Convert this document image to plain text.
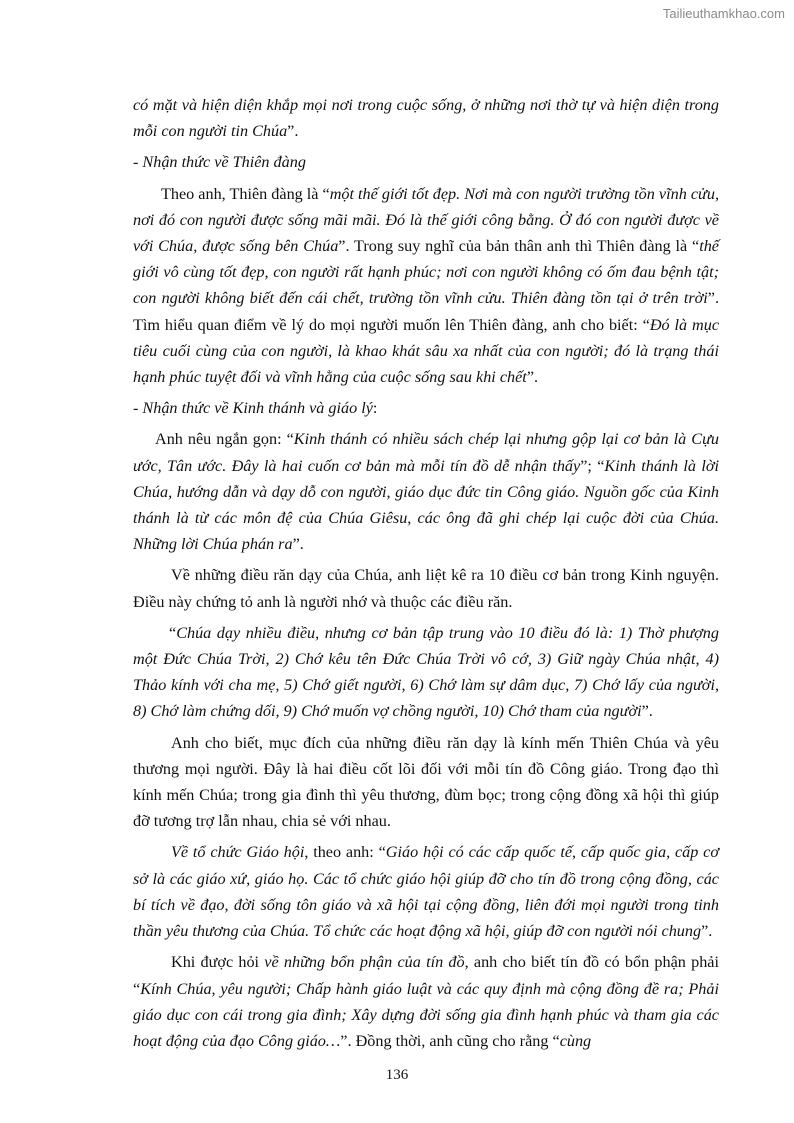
Tailieuthamkhao.com

có mặt và hiện diện khắp mọi nơi trong cuộc sống, ở những nơi thờ tự và hiện diện trong mỗi con người tin Chúa”.

- Nhận thức về Thiên đàng

Theo anh, Thiên đàng là “một thế giới tốt đẹp. Nơi mà con người trường tồn vĩnh cửu, nơi đó con người được sống mãi mãi. Đó là thế giới công bằng. Ở đó con người được về với Chúa, được sống bên Chúa”. Trong suy nghĩ của bản thân anh thì Thiên đàng là “thế giới vô cùng tốt đẹp, con người rất hạnh phúc; nơi con người không có ốm đau bệnh tật; con người không biết đến cái chết, trường tồn vĩnh cửu. Thiên đàng tồn tại ở trên trời”. Tìm hiểu quan điểm về lý do mọi người muốn lên Thiên đàng, anh cho biết: “Đó là mục tiêu cuối cùng của con người, là khao khát sâu xa nhất của con người; đó là trạng thái hạnh phúc tuyệt đối và vĩnh hằng của cuộc sống sau khi chết”.

- Nhận thức về Kinh thánh và giáo lý:

Anh nêu ngắn gọn: “Kinh thánh có nhiều sách chép lại nhưng gộp lại cơ bản là Cựu ước, Tân ước. Đây là hai cuốn cơ bản mà mỗi tín đồ dễ nhận thấy”; “Kinh thánh là lời Chúa, hướng dẫn và dạy dỗ con người, giáo dục đức tin Công giáo. Nguồn gốc của Kinh thánh là từ các môn đệ của Chúa Giêsu, các ông đã ghi chép lại cuộc đời của Chúa. Những lời Chúa phán ra”.

Về những điều răn dạy của Chúa, anh liệt kê ra 10 điều cơ bản trong Kinh nguyện. Điều này chứng tỏ anh là người nhớ và thuộc các điều răn.

“Chúa dạy nhiều điều, nhưng cơ bản tập trung vào 10 điều đó là: 1) Thờ phượng một Đức Chúa Trời, 2) Chớ kêu tên Đức Chúa Trời vô cớ, 3) Giữ ngày Chúa nhật, 4) Thảo kính với cha mẹ, 5) Chớ giết người, 6) Chớ làm sự dâm dục, 7) Chớ lấy của người, 8) Chớ làm chứng dối, 9) Chớ muốn vợ chồng người, 10) Chớ tham của người”.

Anh cho biết, mục đích của những điều răn dạy là kính mến Thiên Chúa và yêu thương mọi người. Đây là hai điều cốt lõi đối với mỗi tín đồ Công giáo. Trong đạo thì kính mến Chúa; trong gia đình thì yêu thương, đùm bọc; trong cộng đồng xã hội thì giúp đỡ tương trợ lẫn nhau, chia sẻ với nhau.

Về tổ chức Giáo hội, theo anh: “Giáo hội có các cấp quốc tế, cấp quốc gia, cấp cơ sở là các giáo xứ, giáo họ. Các tổ chức giáo hội giúp đỡ cho tín đồ trong cộng đồng, các bí tích về đạo, đời sống tôn giáo và xã hội tại cộng đồng, liên đới mọi người trong tinh thần yêu thương của Chúa. Tổ chức các hoạt động xã hội, giúp đỡ con người nói chung”.

Khi được hỏi về những bổn phận của tín đồ, anh cho biết tín đồ có bổn phận phải “Kính Chúa, yêu người; Chấp hành giáo luật và các quy định mà cộng đồng đề ra; Phải giáo dục con cái trong gia đình; Xây dựng đời sống gia đình hạnh phúc và tham gia các hoạt động của đạo Công giáo…”. Đồng thời, anh cũng cho rằng “cùng

136
